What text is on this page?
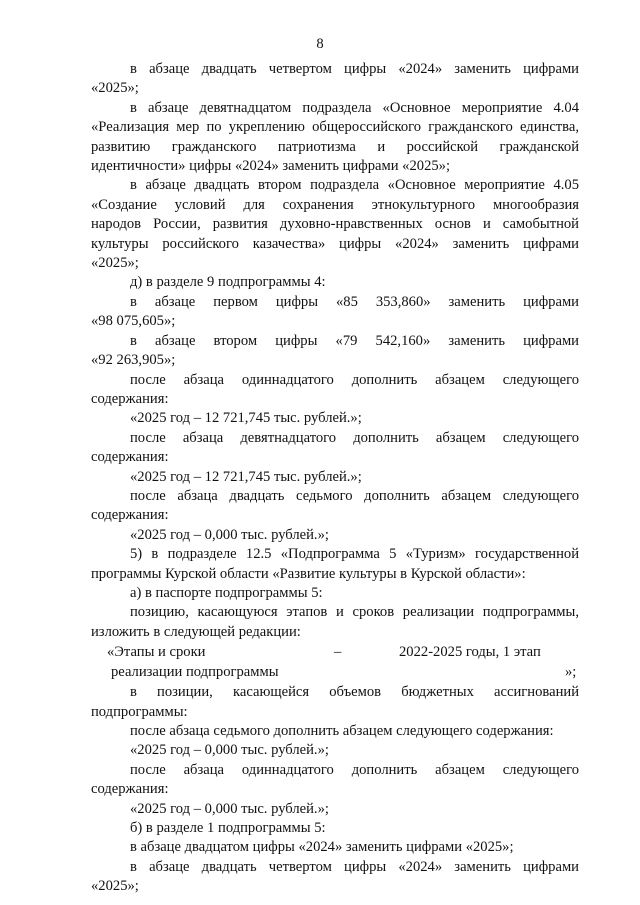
8
в абзаце двадцать четвертом цифры «2024» заменить цифрами
«2025»;
в абзаце девятнадцатом подраздела «Основное мероприятие 4.04
«Реализация мер по укреплению общероссийского гражданского единства,
развитию гражданского патриотизма и российской гражданской
идентичности» цифры «2024» заменить цифрами «2025»;
в абзаце двадцать втором подраздела «Основное мероприятие 4.05
«Создание условий для сохранения этнокультурного многообразия
народов России, развития духовно-нравственных основ и самобытной
культуры российского казачества» цифры «2024» заменить цифрами
«2025»;
д) в разделе 9 подпрограммы 4:
в абзаце первом цифры «85 353,860» заменить цифрами
«98 075,605»;
в абзаце втором цифры «79 542,160» заменить цифрами
«92 263,905»;
после абзаца одиннадцатого дополнить абзацем следующего
содержания:
«2025 год – 12 721,745 тыс. рублей.»;
после абзаца девятнадцатого дополнить абзацем следующего
содержания:
«2025 год – 12 721,745 тыс. рублей.»;
после абзаца двадцать седьмого дополнить абзацем следующего
содержания:
«2025 год – 0,000 тыс. рублей.»;
5) в подразделе 12.5 «Подпрограмма 5 «Туризм» государственной
программы Курской области «Развитие культуры в Курской области»:
а) в паспорте подпрограммы 5:
позицию, касающуюся этапов и сроков реализации подпрограммы,
изложить в следующей редакции:
«Этапы и сроки	–	2022-2025 годы, 1 этап
реализации подпрограммы	»;
в позиции, касающейся объемов бюджетных ассигнований
подпрограммы:
после абзаца седьмого дополнить абзацем следующего содержания:
«2025 год – 0,000 тыс. рублей.»;
после абзаца одиннадцатого дополнить абзацем следующего
содержания:
«2025 год – 0,000 тыс. рублей.»;
б) в разделе 1 подпрограммы 5:
в абзаце двадцатом цифры «2024» заменить цифрами «2025»;
в абзаце двадцать четвертом цифры «2024» заменить цифрами
«2025»;
